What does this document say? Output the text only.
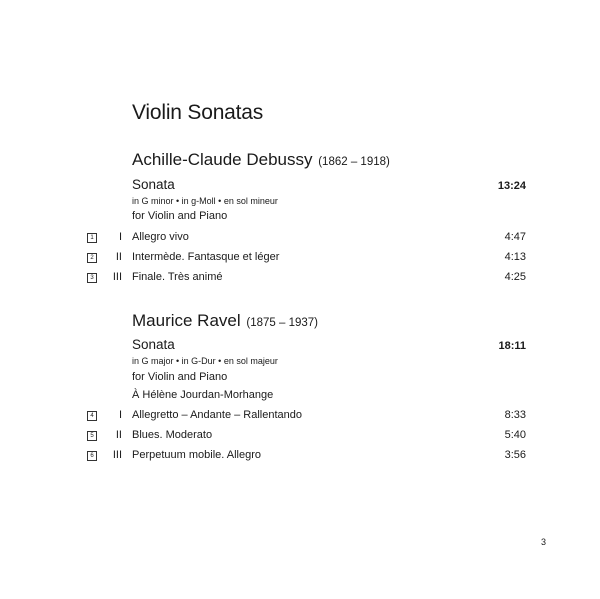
Violin Sonatas
Achille-Claude Debussy (1862 – 1918)
Sonata	13:24
in G minor • in g-Moll • en sol mineur
for Violin and Piano
1	I Allegro vivo	4:47
2	II Intermède. Fantasque et léger	4:13
3	III Finale. Très animé	4:25
Maurice Ravel (1875 – 1937)
Sonata	18:11
in G major • in G-Dur • en sol majeur
for Violin and Piano
À Hélène Jourdan-Morhange
4	I Allegretto – Andante – Rallentando	8:33
5	II Blues. Moderato	5:40
6	III Perpetuum mobile. Allegro	3:56
3
